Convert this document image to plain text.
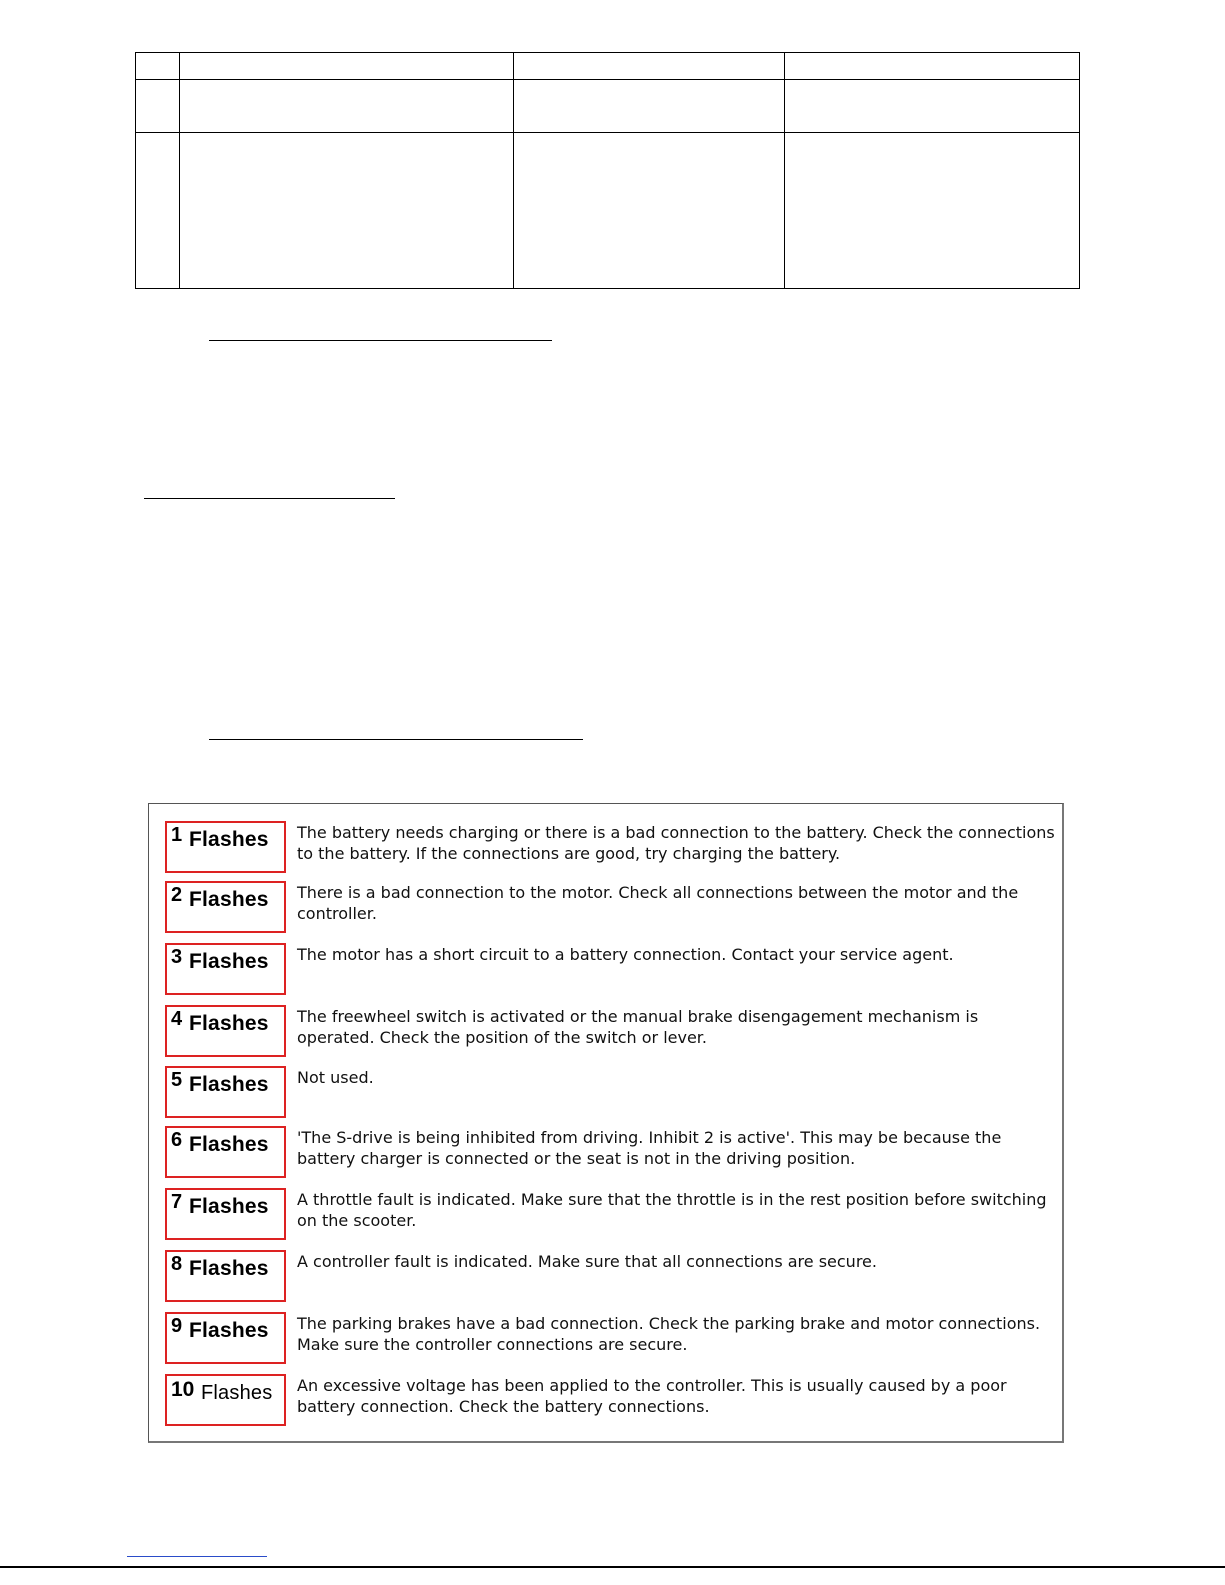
1 Flashes The battery needs charging or there is a bad connection to the battery. Check the connections to the battery. If the connections are good, try charging the battery.
2 Flashes There is a bad connection to the motor. Check all connections between the motor and the controller.
3 Flashes The motor has a short circuit to a battery connection. Contact your service agent.
4 Flashes The freewheel switch is activated or the manual brake disengagement mechanism is operated. Check the position of the switch or lever.
5 Flashes Not used.
6 Flashes 'The S-drive is being inhibited from driving. Inhibit 2 is active'. This may be because the battery charger is connected or the seat is not in the driving position.
7 Flashes A throttle fault is indicated. Make sure that the throttle is in the rest position before switching on the scooter.
8 Flashes A controller fault is indicated. Make sure that all connections are secure.
9 Flashes The parking brakes have a bad connection. Check the parking brake and motor connections. Make sure the controller connections are secure.
10 Flashes An excessive voltage has been applied to the controller. This is usually caused by a poor battery connection. Check the battery connections.
